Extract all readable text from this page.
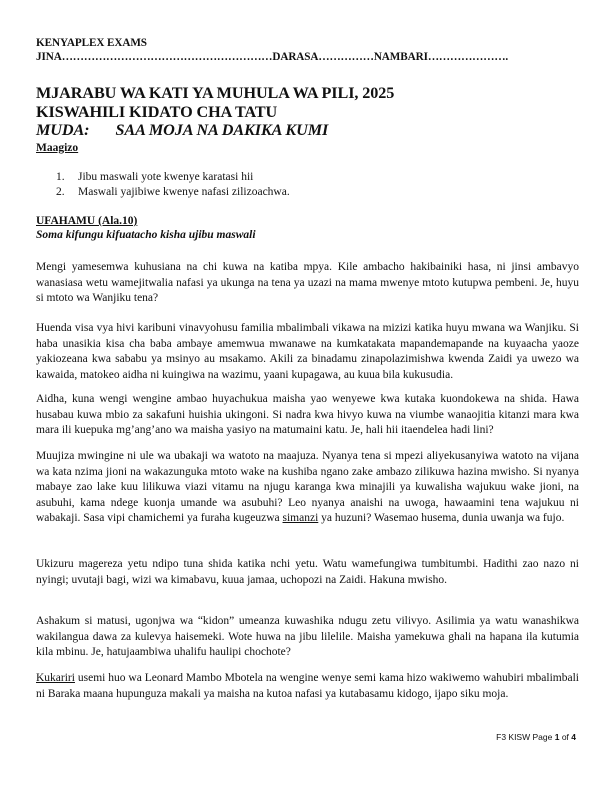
KENYAPLEX EXAMS
JINA…………………………………………………DARASA……………NAMBARI………………….
MJARABU WA KATI YA MUHULA WA PILI, 2025
KISWAHILI KIDATO CHA TATU
MUDA: SAA MOJA NA DAKIKA KUMI
Maagizo
1. Jibu maswali yote kwenye karatasi hii
2. Maswali yajibiwe kwenye nafasi zilizoachwa.
UFAHAMU (Ala.10)
Soma kifungu kifuatacho kisha ujibu maswali

Mengi yamesemwa kuhusiana na chi kuwa na katiba mpya. Kile ambacho hakibainiki hasa, ni jinsi ambavyo wanasiasa wetu wamejitwalia nafasi ya ukunga na tena ya uzazi na mama mwenye mtoto kutupwa pembeni. Je, huyu si mtoto wa Wanjiku tena?

Huenda visa vya hivi karibuni vinavyohusu familia mbalimbali vikawa na mizizi katika huyu mwana wa Wanjiku. Si haba unasikia kisa cha baba ambaye amemwua mwanawe na kumkatakata mapandemapande na kuyaacha yaoze yakiozeana kwa sababu ya msinyo au msakamo. Akili za binadamu zinapolazimishwa kwenda Zaidi ya uwezo wa kawaida, matokeo aidha ni kuingiwa na wazimu, yaani kupagawa, au kuua bila kukusudia.

Aidha, kuna wengi wengine ambao huyachukua maisha yao wenyewe kwa kutaka kuondokewa na shida. Hawa husabau kuwa mbio za sakafuni huishia ukingoni. Si nadra kwa hivyo kuwa na viumbe wanaojitia kitanzi mara kwa mara ili kuepuka mg’ang’ano wa maisha yasiyo na matumaini katu. Je, hali hii itaendelea hadi lini?

Muujiza mwingine ni ule wa ubakaji wa watoto na maajuza. Nyanya tena si mpezi aliyekusanyiwa watoto na vijana wa kata nzima jioni na wakazunguka mtoto wake na kushiba ngano zake ambazo zilikuwa hazina mwisho. Si nyanya mabaye zao lake kuu lilikuwa viazi vitamu na njugu karanga kwa minajili ya kuwalisha wajukuu wake jioni, na asubuhi, kama ndege kuonja umande wa asubuhi? Leo nyanya anaishi na uwoga, hawaamini tena wajukuu ni wabakaji. Sasa vipi chamichemi ya furaha kugeuzwa simanzi ya huzuni? Wasemao husema, dunia uwanja wa fujo.

Ukizuru magereza yetu ndipo tuna shida katika nchi yetu. Watu wamefungiwa tumbitumbi. Hadithi zao nazo ni nyingi; uvutaji bagi, wizi wa kimabavu, kuua jamaa, uchopozi na Zaidi. Hakuna mwisho.

Ashakum si matusi, ugonjwa wa “kidon” umeanza kuwashika ndugu zetu vilivyo. Asilimia ya watu wanashikwa wakilangua dawa za kulevya haisemeki. Wote huwa na jibu lilelile. Maisha yamekuwa ghali na hapana ila kutumia kila mbinu. Je, hatujaambiwa uhalifu haulipi chochote?

Kukariri usemi huo wa Leonard Mambo Mbotela na wengine wenye semi kama hizo wakiwemo wahubiri mbalimbali ni Baraka maana hupunguza makali ya maisha na kutoa nafasi ya kutabasamu kidogo, ijapo siku moja.

F3 KISW Page 1 of 4
